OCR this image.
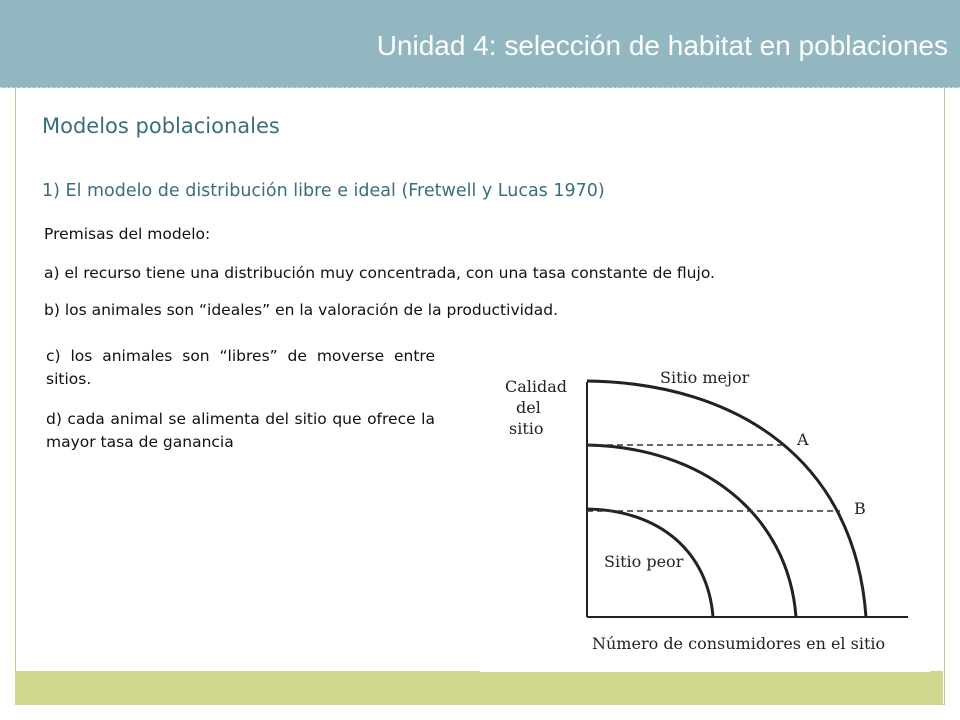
Unidad 4: selección de habitat en poblaciones
Modelos poblacionales
1) El modelo de distribución libre e ideal (Fretwell y Lucas 1970)
Premisas del modelo:
a) el recurso tiene una distribución muy concentrada, con una tasa constante de flujo.
b) los animales son “ideales” en la valoración de la productividad.
c) los animales son “libres” de moverse entre sitios.
d) cada animal se alimenta del sitio que ofrece la mayor tasa de ganancia
Calidad
del
sitio
Sitio mejor
Sitio peor
A
B
Número de consumidores en el sitio
